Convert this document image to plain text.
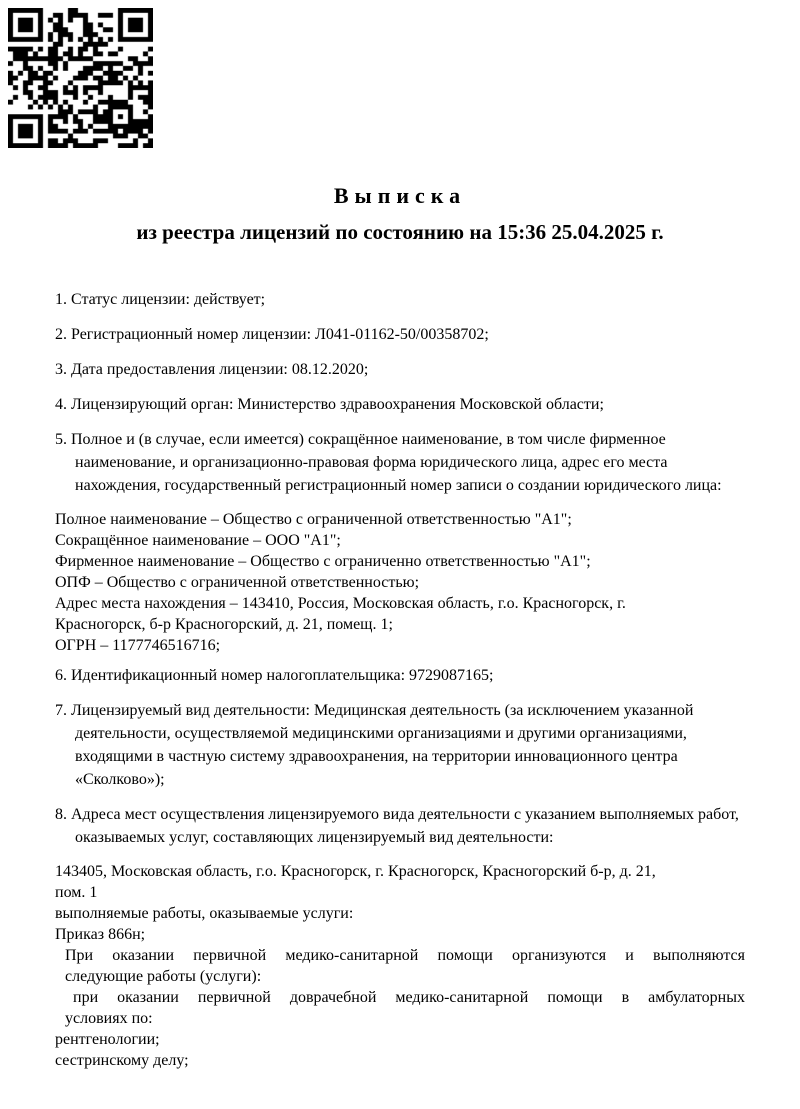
Выписка
из реестра лицензий по состоянию на 15:36 25.04.2025 г.

1. Статус лицензии: действует;

2. Регистрационный номер лицензии: Л041-01162-50/00358702;

3. Дата предоставления лицензии: 08.12.2020;

4. Лицензирующий орган: Министерство здравоохранения Московской области;

5. Полное и (в случае, если имеется) сокращённое наименование, в том числе фирменное наименование, и организационно-правовая форма юридического лица, адрес его места нахождения, государственный регистрационный номер записи о создании юридического лица:

Полное наименование – Общество с ограниченной ответственностью "А1";
Сокращённое наименование – ООО "А1";
Фирменное наименование – Общество с ограниченно ответственностью "А1";
ОПФ – Общество с ограниченной ответственностью;
Адрес места нахождения – 143410, Россия, Московская область, г.о. Красногорск, г.
Красногорск, б-р Красногорский, д. 21, помещ. 1;
ОГРН – 1177746516716;

6. Идентификационный номер налогоплательщика: 9729087165;

7. Лицензируемый вид деятельности: Медицинская деятельность (за исключением указанной деятельности, осуществляемой медицинскими организациями и другими организациями, входящими в частную систему здравоохранения, на территории инновационного центра «Сколково»);

8. Адреса мест осуществления лицензируемого вида деятельности с указанием выполняемых работ, оказываемых услуг, составляющих лицензируемый вид деятельности:

143405, Московская область, г.о. Красногорск, г. Красногорск, Красногорский б-р, д. 21,
пом. 1
выполняемые работы, оказываемые услуги:
Приказ 866н;
При оказании первичной медико-санитарной помощи организуются и выполняются
следующие работы (услуги):
при оказании первичной доврачебной медико-санитарной помощи в амбулаторных
условиях по:
рентгенологии;
сестринскому делу;
